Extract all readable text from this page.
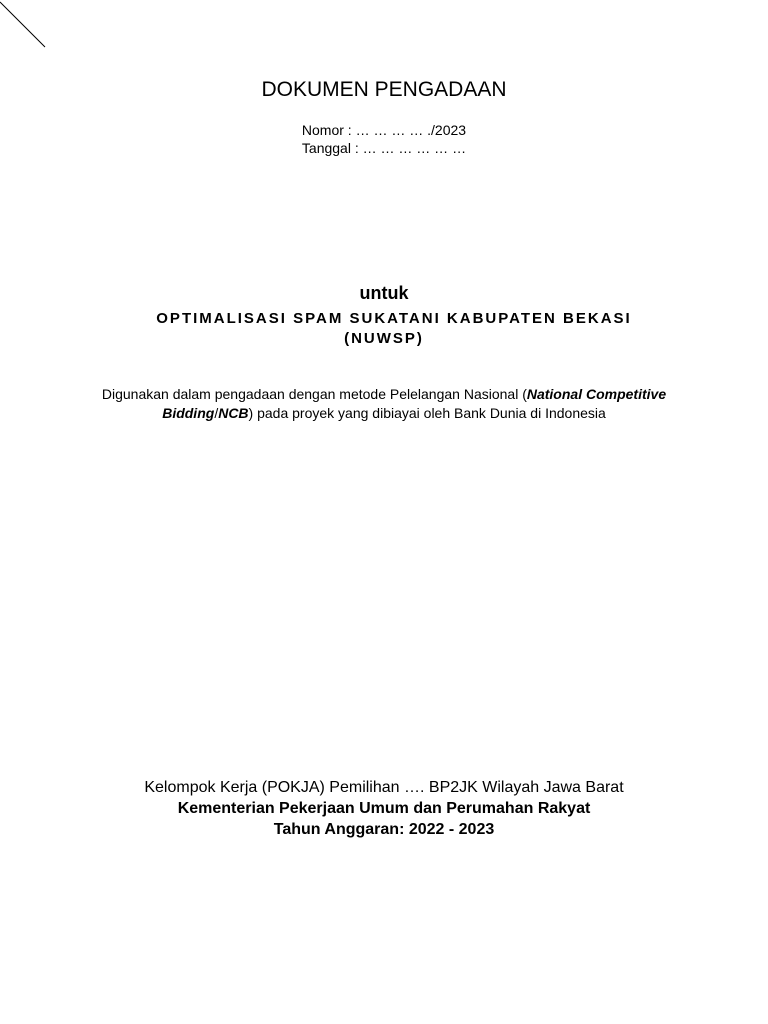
DOKUMEN PENGADAAN
Nomor : … … … … ./2023
Tanggal : … … … … … …
untuk
OPTIMALISASI SPAM SUKATANI KABUPATEN BEKASI
(NUWSP)
Digunakan dalam pengadaan dengan metode Pelelangan Nasional (National Competitive
Bidding/NCB) pada proyek yang dibiayai oleh Bank Dunia di Indonesia
Kelompok Kerja (POKJA) Pemilihan …. BP2JK Wilayah Jawa Barat
Kementerian Pekerjaan Umum dan Perumahan Rakyat
Tahun Anggaran: 2022 - 2023
